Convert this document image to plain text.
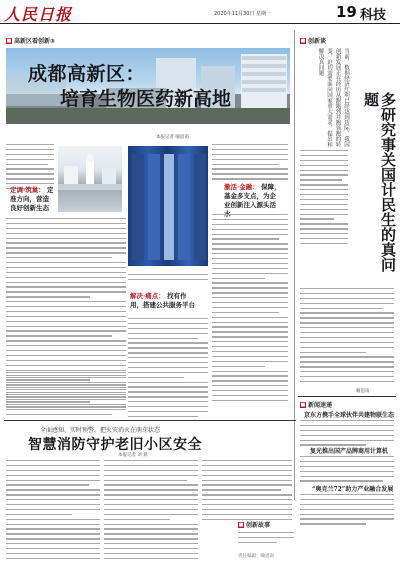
人民日报	2020年11月30日 星期一	19 科技
■ 高新区看创新③
成都高新区：
培育生物医药新高地
本报记者 喻思南
定调·筑巢： 定准方向，营造良好创新生态
激活·金融： 保障，基金多支点，为企业创新注入源头活
解决·痛点： 找有作用，搭建公共服务平台
■ 创新谈
当前，数据经济红利已经达到边际，我国创新发展正在经历从跟跑到并跑领跑的转变，迫切需要面向国家重大需求，提出和解决真问题
多研究事关国计民生的真问题
喻思南
■ 新闻速递
京东方携手全球伙伴共建物联生态
复光推出国产品牌商用计算机
“奥克兰72”助力产业融合发展
全面感知、实时预警，把火灾消灭在萌芽状态
智慧消防守护老旧小区安全
本报记者 刘 晨
■ 创新故事
责任编辑：喻思南
